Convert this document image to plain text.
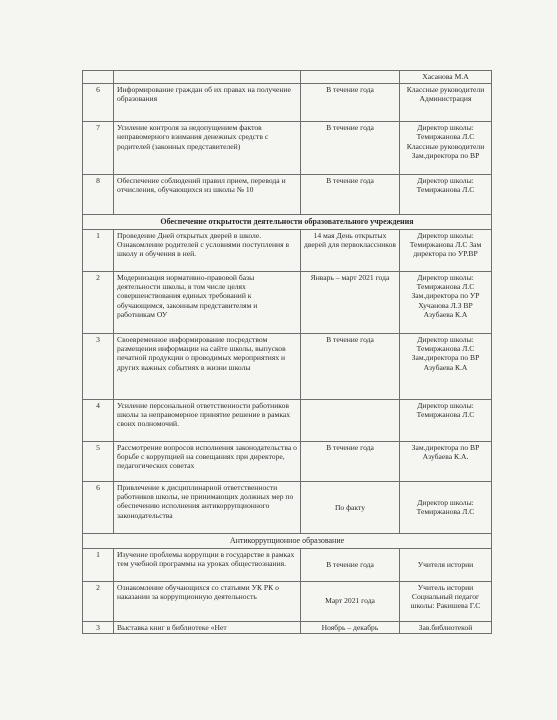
			Хасанова М.А
6	Информирование граждан об их правах на получение образования	В течение года	Классные руководители Администрация
7	Усиление контроля за недопущением фактов неправомерного взимания денежных средств с родителей (законных представителей)	В течение года	Директор школы: Темиржанова Л.С Классные руководители Зам.директора по ВР
8	Обеспечение соблюдений правил прием, перевода и отчисления, обучающихся из школы № 10	В течение года	Директор школы: Темиржанова Л.С
Обеспечение открытости деятельности образовательного учреждения			
1	Проведение Дней открытых дверей в школе. Ознакомление родителей с условиями поступления в школу и обучения в ней.	14 мая День открытых дверей для первоклассников	Директор школы: Темиржанова Л.С Зам директора по УР.ВР
2	Модернизация нормативно-правовой базы деятельности школы, в том числе целях совершенствования единых требований к обучающимся, законным представителям и работникам ОУ	Январь – март 2021 года	Директор школы: Темиржанова Л.С Зам.директора по УР Хучанова Л.З ВР Азубаева К.А
3	Своевременное информирование посредством размещения информации на сайте школы, выпусков печатной продукции о проводимых мероприятиях и других важных событиях в жизни школы	В течение года	Директор школы: Темиржанова Л.С Зам.директора по ВР Азубаева К.А
4	Усиление персональной ответственности работников школы за неправомерное принятие решение в рамках своих полномочий.		Директор школы: Темиржанова Л.С
5	Рассмотрение вопросов исполнения законодательства о борьбе с коррупцией на совещаниях при директоре, педагогических советах	В течение года	Зам.директора по ВР Азубаева К.А.
6	Привлечение к дисциплинарной ответственности работников школы, не принимающих должных мер по обеспечению исполнения антикоррупционного законодательства	По факту	Директор школы: Темиржанова Л.С
Антикоррупционное образование			
1	Изучение проблемы коррупции в государстве в рамках тем учебной программы на уроках обществознания.	В течение года	Учителя истории
2	Ознакомление обучающихся со статьями УК РК о наказании за коррупционную деятельность	Март 2021 года	Учитель истории Социальный педагог школы: Ракишева Г.С
3	Выставка книг в библиотеке «Нет	Ноябрь – декабрь	Зав.библиотекой
